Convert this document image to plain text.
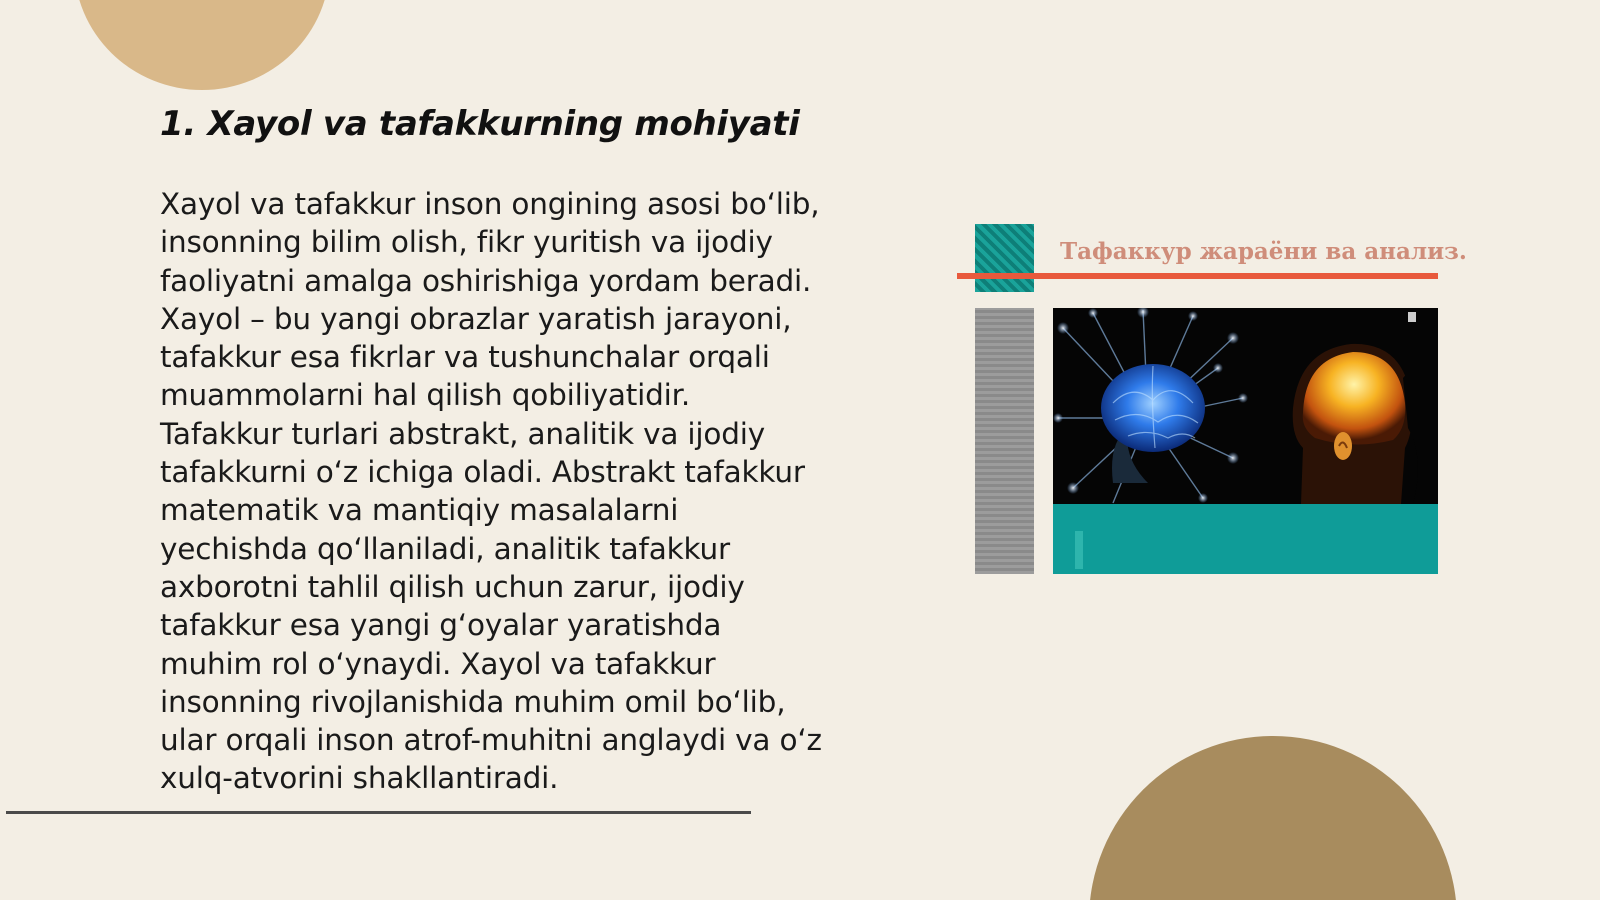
1. Xayol va tafakkurning mohiyati
Xayol va tafakkur inson ongining asosi bo‘lib,
insonning bilim olish, fikr yuritish va ijodiy
faoliyatni amalga oshirishiga yordam beradi.
Xayol – bu yangi obrazlar yaratish jarayoni,
tafakkur esa fikrlar va tushunchalar orqali
muammolarni hal qilish qobiliyatidir.
Tafakkur turlari abstrakt, analitik va ijodiy
tafakkurni o‘z ichiga oladi. Abstrakt tafakkur
matematik va mantiqiy masalalarni
yechishda qo‘llaniladi, analitik tafakkur
axborotni tahlil qilish uchun zarur, ijodiy
tafakkur esa yangi g‘oyalar yaratishda
muhim rol o‘ynaydi. Xayol va tafakkur
insonning rivojlanishida muhim omil bo‘lib,
ular orqali inson atrof-muhitni anglaydi va o‘z
xulq-atvorini shakllantiradi.
Тафаккур жараёни ва анализ.
